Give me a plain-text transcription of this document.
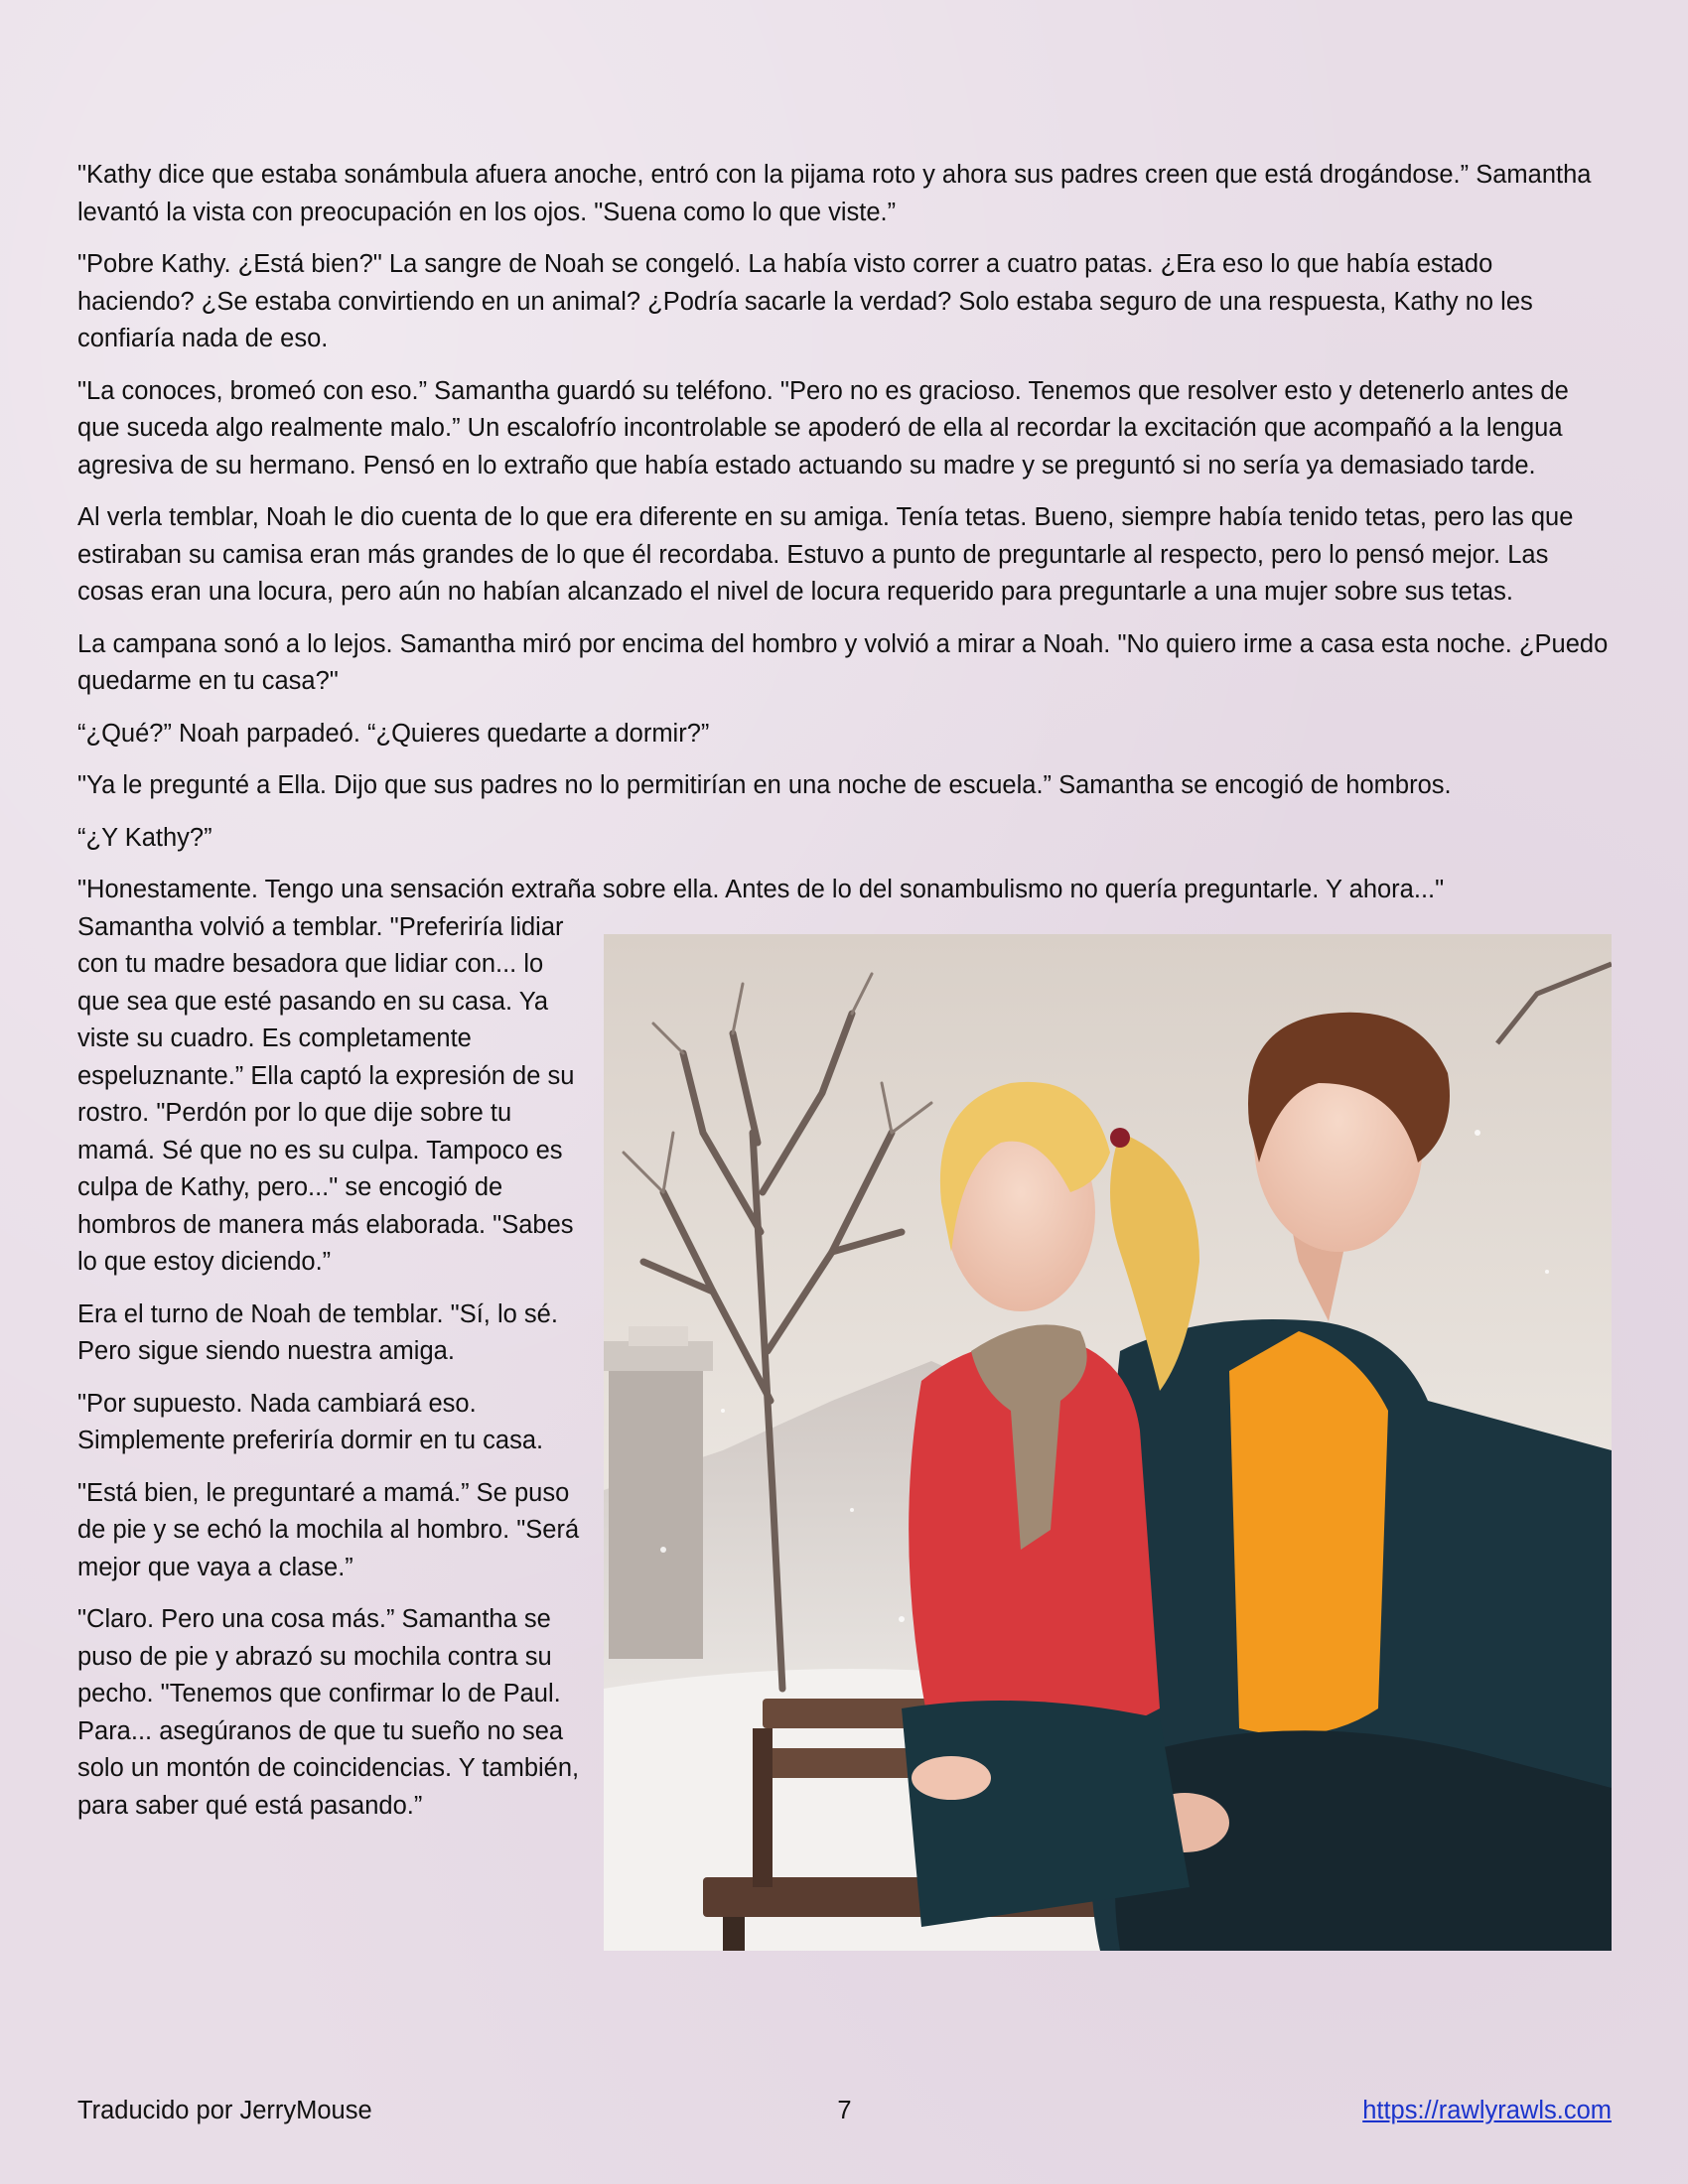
"Kathy dice que estaba sonámbula afuera anoche, entró con la pijama roto y ahora sus padres creen que está drogándose.” Samantha levantó la vista con preocupación en los ojos. "Suena como lo que viste.”

"Pobre Kathy. ¿Está bien?" La sangre de Noah se congeló. La había visto correr a cuatro patas. ¿Era eso lo que había estado haciendo? ¿Se estaba convirtiendo en un animal? ¿Podría sacarle la verdad? Solo estaba seguro de una respuesta, Kathy no les confiaría nada de eso.

"La conoces, bromeó con eso.” Samantha guardó su teléfono. "Pero no es gracioso. Tenemos que resolver esto y detenerlo antes de que suceda algo realmente malo.” Un escalofrío incontrolable se apoderó de ella al recordar la excitación que acompañó a la lengua agresiva de su hermano. Pensó en lo extraño que había estado actuando su madre y se preguntó si no sería ya demasiado tarde.

Al verla temblar, Noah le dio cuenta de lo que era diferente en su amiga. Tenía tetas. Bueno, siempre había tenido tetas, pero las que estiraban su camisa eran más grandes de lo que él recordaba. Estuvo a punto de preguntarle al respecto, pero lo pensó mejor. Las cosas eran una locura, pero aún no habían alcanzado el nivel de locura requerido para preguntarle a una mujer sobre sus tetas.

La campana sonó a lo lejos. Samantha miró por encima del hombro y volvió a mirar a Noah. "No quiero irme a casa esta noche. ¿Puedo quedarme en tu casa?"

“¿Qué?” Noah parpadeó. “¿Quieres quedarte a dormir?”

"Ya le pregunté a Ella. Dijo que sus padres no lo permitirían en una noche de escuela.” Samantha se encogió de hombros.

“¿Y Kathy?”

"Honestamente. Tengo una sensación extraña sobre ella. Antes de lo del sonambulismo no quería preguntarle. Y ahora..."

Samantha volvió a temblar. "Preferiría lidiar con tu madre besadora que lidiar con... lo que sea que esté pasando en su casa. Ya viste su cuadro. Es completamente espeluznante.” Ella captó la expresión de su rostro. "Perdón por lo que dije sobre tu mamá. Sé que no es su culpa. Tampoco es culpa de Kathy, pero..." se encogió de hombros de manera más elaborada. "Sabes lo que estoy diciendo.”

Era el turno de Noah de temblar. "Sí, lo sé. Pero sigue siendo nuestra amiga.

"Por supuesto. Nada cambiará eso. Simplemente preferiría dormir en tu casa.

"Está bien, le preguntaré a mamá.” Se puso de pie y se echó la mochila al hombro. "Será mejor que vaya a clase.”

"Claro. Pero una cosa más.” Samantha se puso de pie y abrazó su mochila contra su pecho. "Tenemos que confirmar lo de Paul. Para... asegúranos de que tu sueño no sea solo un montón de coincidencias. Y también, para saber qué está pasando.”

Traducido por JerryMouse	7	https://rawlyrawls.com
